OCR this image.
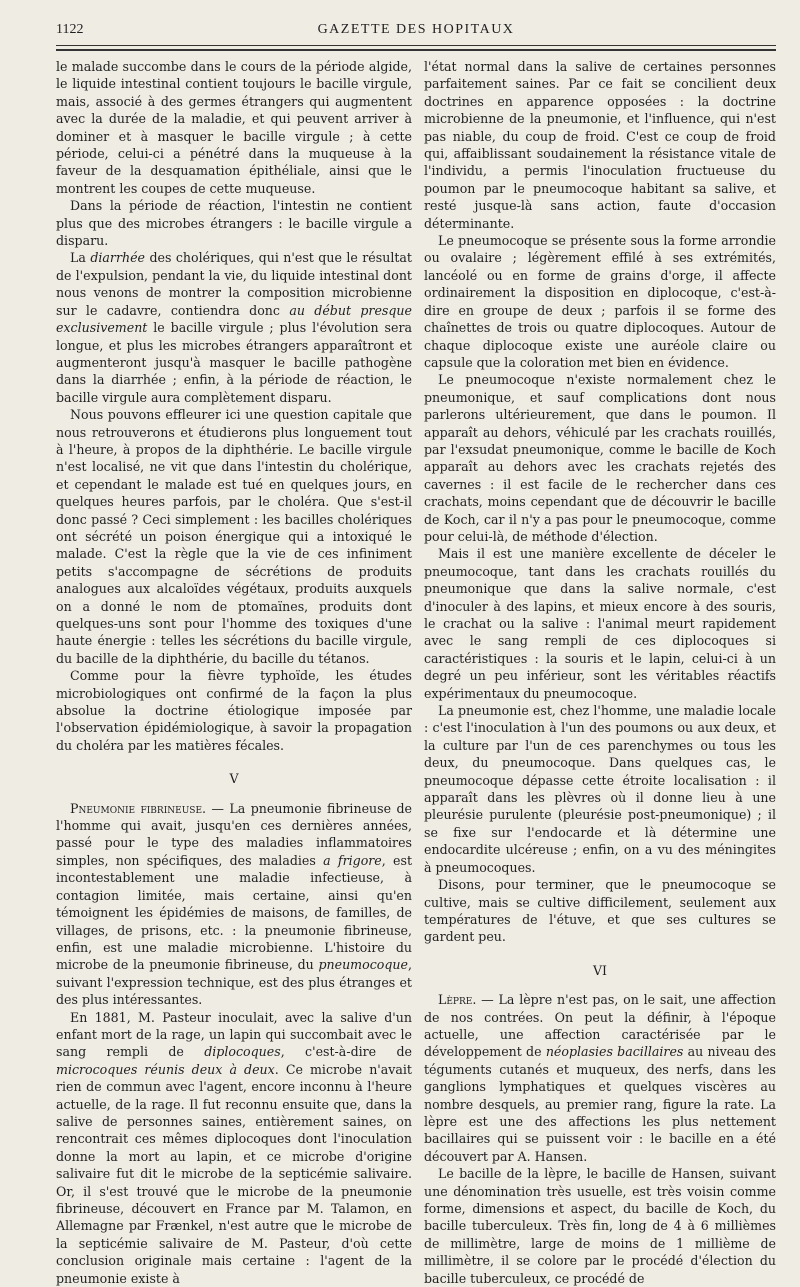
1122	GAZETTE DES HOPITAUX

le malade succombe dans le cours de la période algide, le liquide intestinal contient toujours le bacille virgule, mais, associé à des germes étrangers qui augmentent avec la durée de la maladie, et qui peuvent arriver à dominer et à masquer le bacille virgule ; à cette période, celui-ci a pénétré dans la muqueuse à la faveur de la desquamation épithéliale, ainsi que le montrent les coupes de cette muqueuse.

Dans la période de réaction, l'intestin ne contient plus que des microbes étrangers : le bacille virgule a disparu.

La diarrhée des cholériques, qui n'est que le résultat de l'expulsion, pendant la vie, du liquide intestinal dont nous venons de montrer la composition microbienne sur le cadavre, contiendra donc au début presque exclusivement le bacille virgule ; plus l'évolution sera longue, et plus les microbes étrangers apparaîtront et augmenteront jusqu'à masquer le bacille pathogène dans la diarrhée ; enfin, à la période de réaction, le bacille virgule aura complètement disparu.

Nous pouvons effleurer ici une question capitale que nous retrouverons et étudierons plus longuement tout à l'heure, à propos de la diphthérie. Le bacille virgule n'est localisé, ne vit que dans l'intestin du cholérique, et cependant le malade est tué en quelques jours, en quelques heures parfois, par le choléra. Que s'est-il donc passé ? Ceci simplement : les bacilles cholériques ont sécrété un poison énergique qui a intoxiqué le malade. C'est la règle que la vie de ces infiniment petits s'accompagne de sécrétions de produits analogues aux alcaloïdes végétaux, produits auxquels on a donné le nom de ptomaïnes, produits dont quelques-uns sont pour l'homme des toxiques d'une haute énergie : telles les sécrétions du bacille virgule, du bacille de la diphthérie, du bacille du tétanos.

Comme pour la fièvre typhoïde, les études microbiologiques ont confirmé de la façon la plus absolue la doctrine étiologique imposée par l'observation épidémiologique, à savoir la propagation du choléra par les matières fécales.

V

Pneumonie fibrineuse. — La pneumonie fibrineuse de l'homme qui avait, jusqu'en ces dernières années, passé pour le type des maladies inflammatoires simples, non spécifiques, des maladies a frigore, est incontestablement une maladie infectieuse, à contagion limitée, mais certaine, ainsi qu'en témoignent les épidémies de maisons, de familles, de villages, de prisons, etc. : la pneumonie fibrineuse, enfin, est une maladie microbienne. L'histoire du microbe de la pneumonie fibrineuse, du pneumocoque, suivant l'expression technique, est des plus étranges et des plus intéressantes.

En 1881, M. Pasteur inoculait, avec la salive d'un enfant mort de la rage, un lapin qui succombait avec le sang rempli de diplocoques, c'est-à-dire de microcoques réunis deux à deux. Ce microbe n'avait rien de commun avec l'agent, encore inconnu à l'heure actuelle, de la rage. Il fut reconnu ensuite que, dans la salive de personnes saines, entièrement saines, on rencontrait ces mêmes diplocoques dont l'inoculation donne la mort au lapin, et ce microbe d'origine salivaire fut dit le microbe de la septicémie salivaire. Or, il s'est trouvé que le microbe de la pneumonie fibrineuse, découvert en France par M. Talamon, en Allemagne par Frænkel, n'est autre que le microbe de la septicémie salivaire de M. Pasteur, d'où cette conclusion originale mais certaine : l'agent de la pneumonie existe à

l'état normal dans la salive de certaines personnes parfaitement saines. Par ce fait se concilient deux doctrines en apparence opposées : la doctrine microbienne de la pneumonie, et l'influence, qui n'est pas niable, du coup de froid. C'est ce coup de froid qui, affaiblissant soudainement la résistance vitale de l'individu, a permis l'inoculation fructueuse du poumon par le pneumocoque habitant sa salive, et resté jusque-là sans action, faute d'occasion déterminante.

Le pneumocoque se présente sous la forme arrondie ou ovalaire ; légèrement effilé à ses extrémités, lancéolé ou en forme de grains d'orge, il affecte ordinairement la disposition en diplocoque, c'est-à-dire en groupe de deux ; parfois il se forme des chaînettes de trois ou quatre diplocoques. Autour de chaque diplocoque existe une auréole claire ou capsule que la coloration met bien en évidence.

Le pneumocoque n'existe normalement chez le pneumonique, et sauf complications dont nous parlerons ultérieurement, que dans le poumon. Il apparaît au dehors, véhiculé par les crachats rouillés, par l'exsudat pneumonique, comme le bacille de Koch apparaît au dehors avec les crachats rejetés des cavernes : il est facile de le rechercher dans ces crachats, moins cependant que de découvrir le bacille de Koch, car il n'y a pas pour le pneumocoque, comme pour celui-là, de méthode d'élection.

Mais il est une manière excellente de déceler le pneumocoque, tant dans les crachats rouillés du pneumonique que dans la salive normale, c'est d'inoculer à des lapins, et mieux encore à des souris, le crachat ou la salive : l'animal meurt rapidement avec le sang rempli de ces diplocoques si caractéristiques : la souris et le lapin, celui-ci à un degré un peu inférieur, sont les véritables réactifs expérimentaux du pneumocoque.

La pneumonie est, chez l'homme, une maladie locale : c'est l'inoculation à l'un des poumons ou aux deux, et la culture par l'un de ces parenchymes ou tous les deux, du pneumocoque. Dans quelques cas, le pneumocoque dépasse cette étroite localisation : il apparaît dans les plèvres où il donne lieu à une pleurésie purulente (pleurésie post-pneumonique) ; il se fixe sur l'endocarde et là détermine une endocardite ulcéreuse ; enfin, on a vu des méningites à pneumocoques.

Disons, pour terminer, que le pneumocoque se cultive, mais se cultive difficilement, seulement aux températures de l'étuve, et que ses cultures se gardent peu.

VI

Lèpre. — La lèpre n'est pas, on le sait, une affection de nos contrées. On peut la définir, à l'époque actuelle, une affection caractérisée par le développement de néoplasies bacillaires au niveau des téguments cutanés et muqueux, des nerfs, dans les ganglions lymphatiques et quelques viscères au nombre desquels, au premier rang, figure la rate. La lèpre est une des affections les plus nettement bacillaires qui se puissent voir : le bacille en a été découvert par A. Hansen.

Le bacille de la lèpre, le bacille de Hansen, suivant une dénomination très usuelle, est très voisin comme forme, dimensions et aspect, du bacille de Koch, du bacille tuberculeux. Très fin, long de 4 à 6 millièmes de millimètre, large de moins de 1 millième de millimètre, il se colore par le procédé d'élection du bacille tuberculeux, ce procédé de
